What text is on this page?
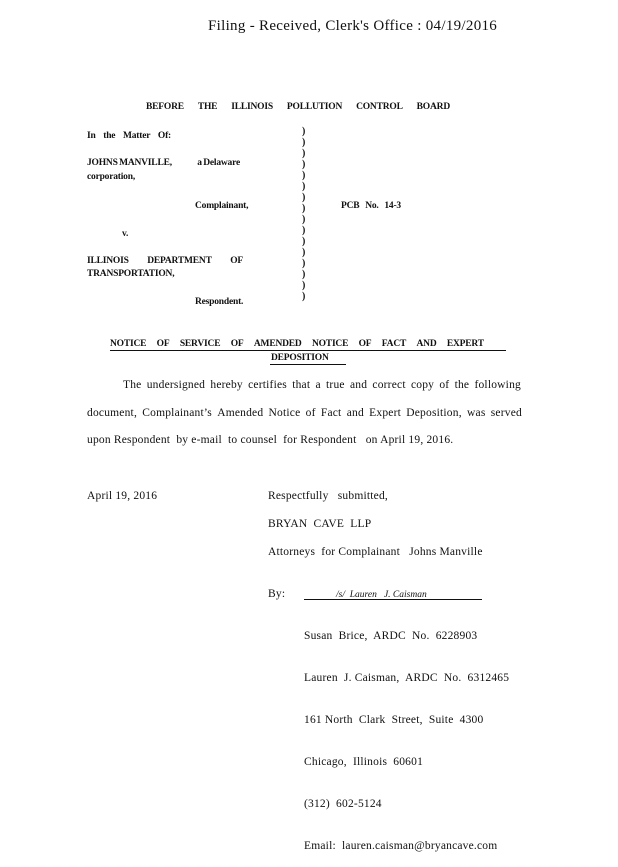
Filing - Received, Clerk's Office : 04/19/2016
BEFORE THE ILLINOIS POLLUTION CONTROL BOARD
In the Matter Of:
JOHNS MANVILLE,	a Delaware
corporation,
Complainant,
v.
ILLINOIS DEPARTMENT OF
TRANSPORTATION,
Respondent.
)
)
)
)
)
)
)
)
)
)
)
)
)
)
)
)
PCB No. 14-3
NOTICE OF SERVICE OF AMENDED NOTICE OF FACT AND EXPERT
DEPOSITION
The undersigned hereby certifies that a true and correct copy of the following
document, Complainant’s Amended Notice of Fact and Expert Deposition, was served
upon Respondent  by e-mail  to counsel  for Respondent   on April 19, 2016.
April 19, 2016	Respectfully   submitted,
BRYAN  CAVE  LLP
Attorneys  for Complainant   Johns Manville
By:	/s/  Lauren   J. Caisman

Susan  Brice,  ARDC  No.  6228903

Lauren  J. Caisman,  ARDC  No.  6312465

161 North  Clark  Street,  Suite  4300

Chicago,  Illinois  60601

(312)  602-5124

Email:  lauren.caisman@bryancave.com
